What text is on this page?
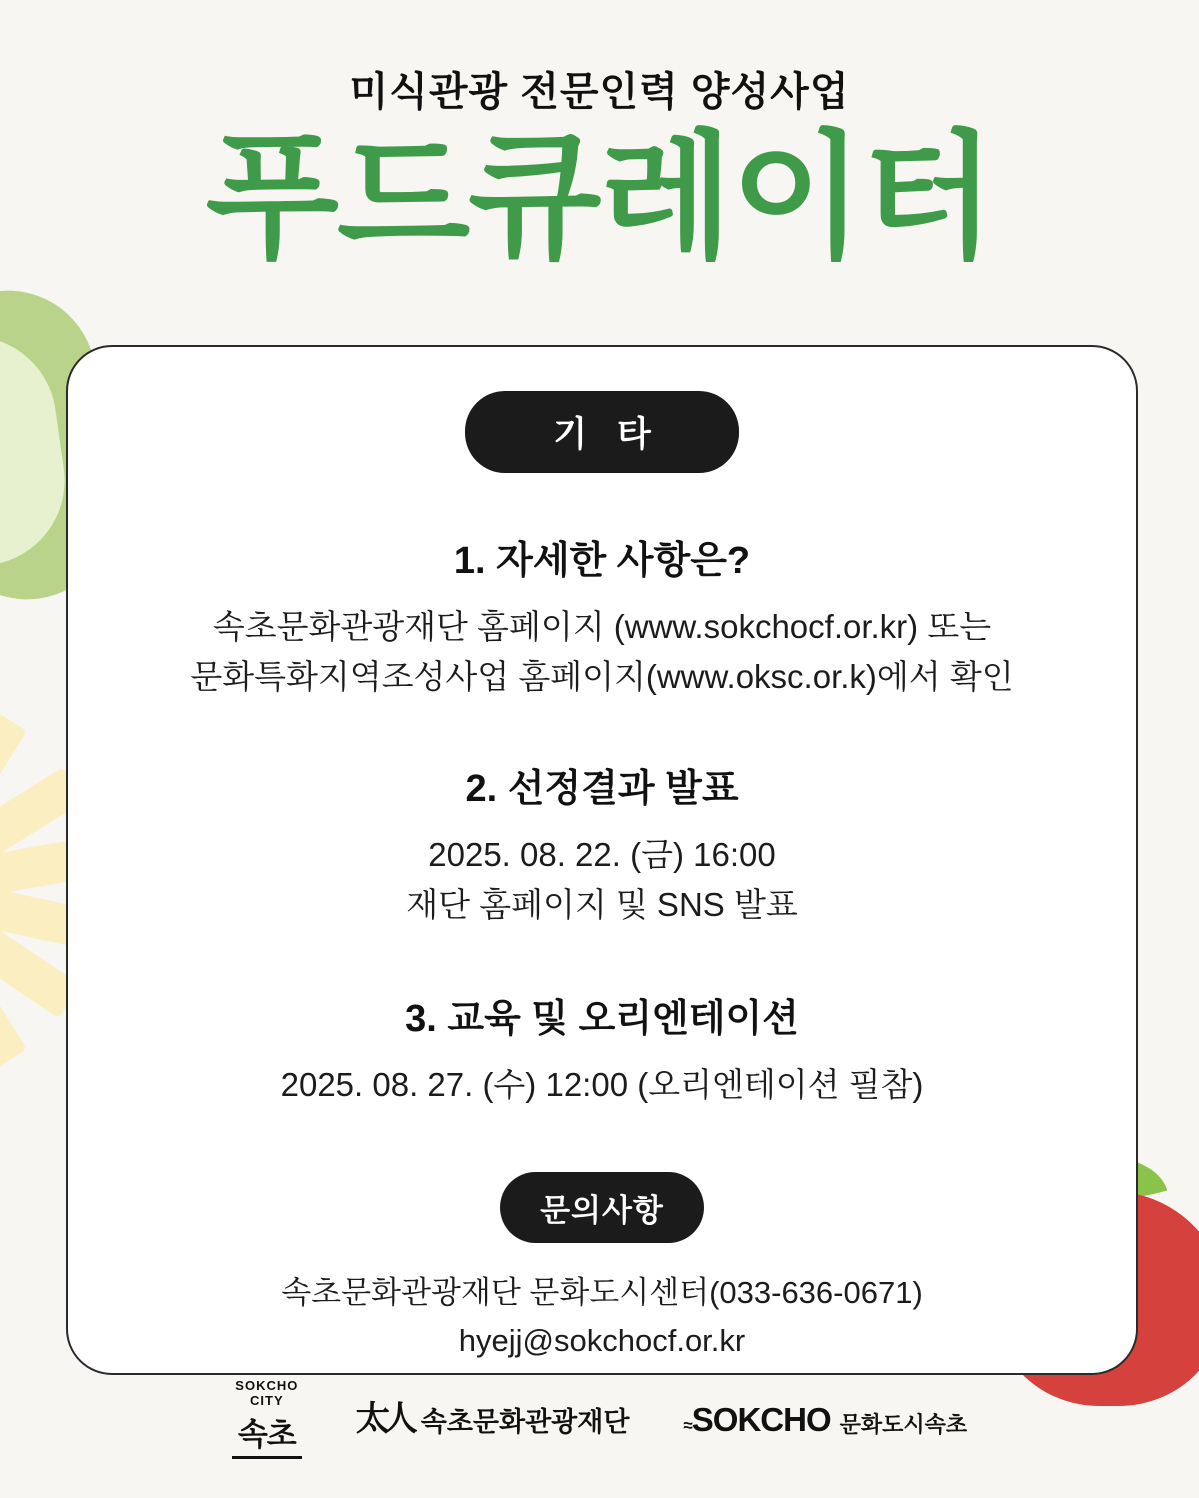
미식관광 전문인력 양성사업
푸드큐레이터
기타

1. 자세한 사항은?

속초문화관광재단 홈페이지 (www.sokchocf.or.kr) 또는
문화특화지역조성사업 홈페이지(www.oksc.or.k)에서 확인

2. 선정결과 발표

2025. 08. 22. (금) 16:00
재단 홈페이지 및 SNS 발표

3. 교육 및 오리엔테이션

2025. 08. 27. (수) 12:00 (오리엔테이션 필참)

문의사항
속초문화관광재단 문화도시센터(033-636-0671)
hyejj@sokchocf.or.kr
SOKCHO
CITY
속초 太人 속초문화관광재단	≈SOKCHO 문화도시속초
